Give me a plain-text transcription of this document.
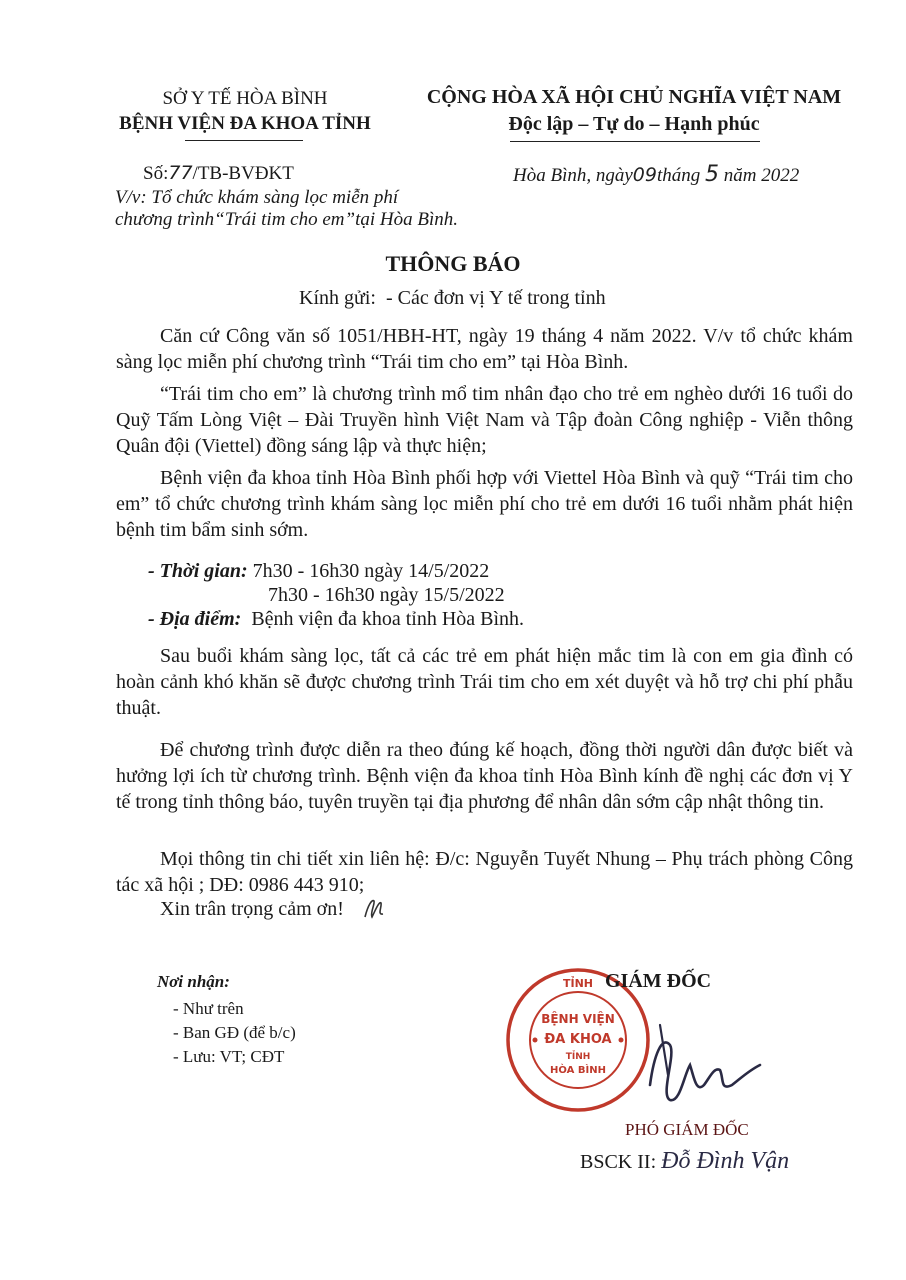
SỞ Y TẾ HÒA BÌNH
BỆNH VIỆN ĐA KHOA TỈNH
CỘNG HÒA XÃ HỘI CHỦ NGHĨA VIỆT NAM
Độc lập – Tự do – Hạnh phúc
Số:77/TB-BVĐKT	Hòa Bình, ngày09tháng 5 năm 2022
V/v: Tổ chức khám sàng lọc miễn phí
chương trình“Trái tim cho em”tại Hòa Bình.
THÔNG BÁO
Kính gửi: - Các đơn vị Y tế trong tỉnh
Căn cứ Công văn số 1051/HBH-HT, ngày 19 tháng 4 năm 2022. V/v tổ chức khám sàng lọc miễn phí chương trình “Trái tim cho em” tại Hòa Bình.
“Trái tim cho em” là chương trình mổ tim nhân đạo cho trẻ em nghèo dưới 16 tuổi do Quỹ Tấm Lòng Việt – Đài Truyền hình Việt Nam và Tập đoàn Công nghiệp - Viễn thông Quân đội (Viettel) đồng sáng lập và thực hiện;
Bệnh viện đa khoa tỉnh Hòa Bình phối hợp với Viettel Hòa Bình và quỹ “Trái tim cho em” tổ chức chương trình khám sàng lọc miễn phí cho trẻ em dưới 16 tuổi nhằm phát hiện bệnh tim bẩm sinh sớm.
- Thời gian: 7h30 - 16h30 ngày 14/5/2022
7h30 - 16h30 ngày 15/5/2022
- Địa điểm: Bệnh viện đa khoa tỉnh Hòa Bình.
Sau buổi khám sàng lọc, tất cả các trẻ em phát hiện mắc tim là con em gia đình có hoàn cảnh khó khăn sẽ được chương trình Trái tim cho em xét duyệt và hỗ trợ chi phí phẫu thuật.
Để chương trình được diễn ra theo đúng kế hoạch, đồng thời người dân được biết và hưởng lợi ích từ chương trình. Bệnh viện đa khoa tỉnh Hòa Bình kính đề nghị các đơn vị Y tế trong tỉnh thông báo, tuyên truyền tại địa phương để nhân dân sớm cập nhật thông tin.
Mọi thông tin chi tiết xin liên hệ: Đ/c: Nguyễn Tuyết Nhung – Phụ trách phòng Công tác xã hội ; DĐ: 0986 443 910;
Xin trân trọng cảm ơn!
Nơi nhận:
- Như trên
- Ban GĐ (để b/c)
- Lưu: VT; CĐT
TỈNH
BỆNH VIỆN
ĐA KHOA
TỈNH
HÒA BÌNH
GIÁM ĐỐC
PHÓ GIÁM ĐỐC
BSCK II: Đỗ Đình Vận
